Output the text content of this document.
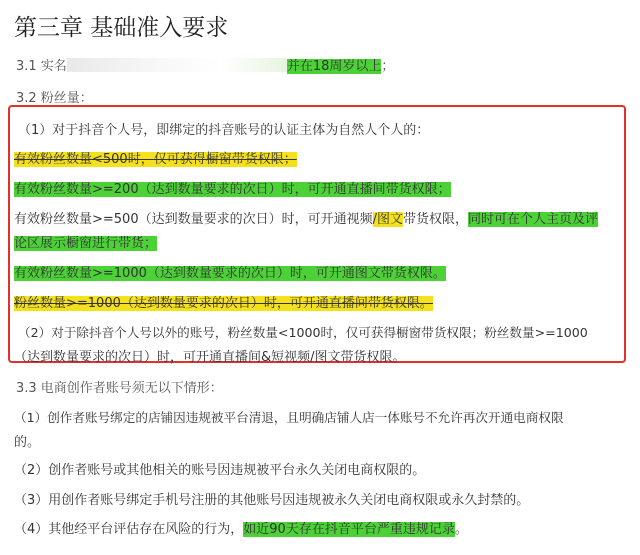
第三章 基础准入要求
3.1 实名	并在18周岁以上；
3.2 粉丝量：
（1）对于抖音个人号，即绑定的抖音账号的认证主体为自然人个人的：
有效粉丝数量<500时，仅可获得橱窗带货权限；
有效粉丝数量>=200（达到数量要求的次日）时，可开通直播间带货权限；
有效粉丝数量>=500（达到数量要求的次日）时，可开通视频/图文带货权限，同时可在个人主页及评
论区展示橱窗进行带货；
有效粉丝数量>=1000（达到数量要求的次日）时，可开通图文带货权限。
粉丝数量>=1000（达到数量要求的次日）时，可开通直播间带货权限。
（2）对于除抖音个人号以外的账号，粉丝数量<1000时，仅可获得橱窗带货权限；粉丝数量>=1000
（达到数量要求的次日）时，可开通直播间&短视频/图文带货权限。
3.3 电商创作者账号须无以下情形：
（1）创作者账号绑定的店铺因违规被平台清退，且明确店铺人店一体账号不允许再次开通电商权限
的。
（2）创作者账号或其他相关的账号因违规被平台永久关闭电商权限的。
（3）用创作者账号绑定手机号注册的其他账号因违规被永久关闭电商权限或永久封禁的。
（4）其他经平台评估存在风险的行为，如近90天存在抖音平台严重违规记录。
